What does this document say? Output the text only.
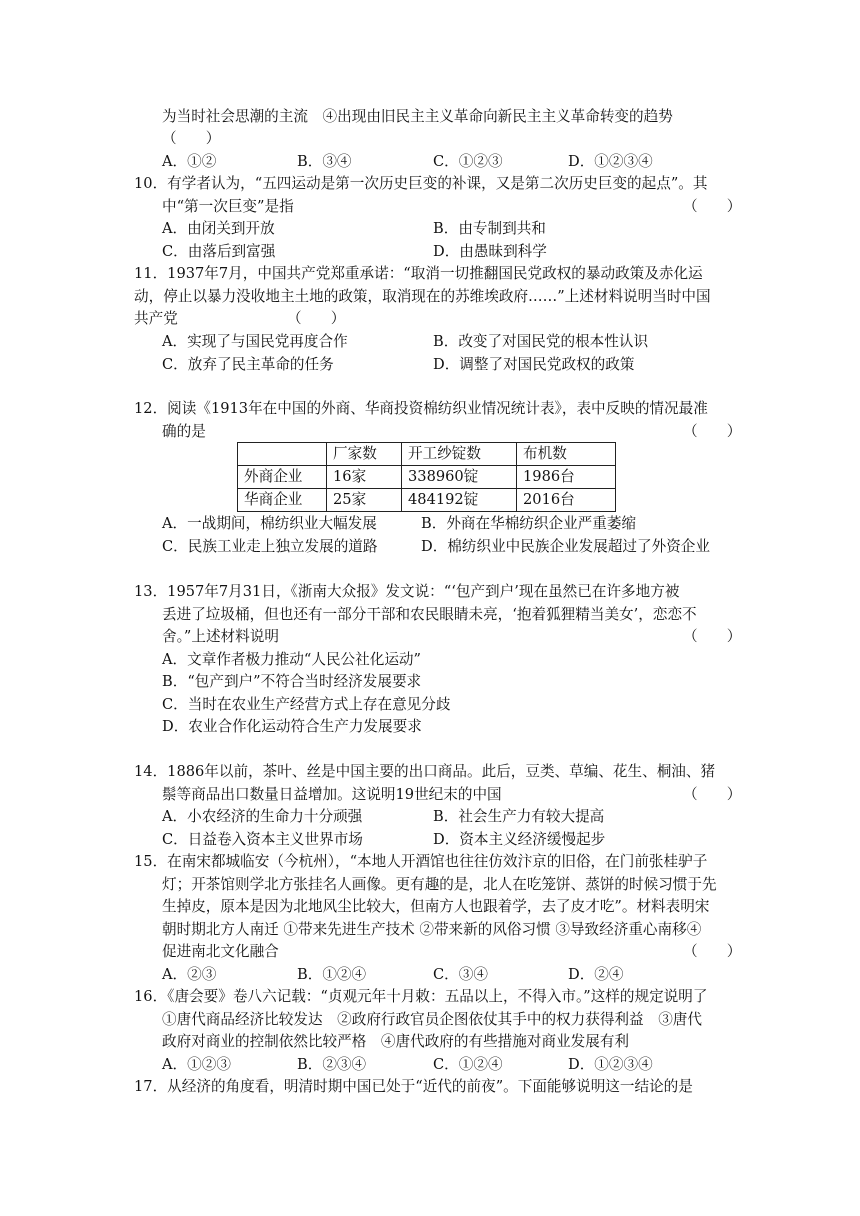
为当时社会思潮的主流　④出现由旧民主主义革命向新民主主义革命转变的趋势
（　　）
A．①②	B．③④	C．①②③	D．①②③④
10．有学者认为，“五四运动是第一次历史巨变的补课，又是第二次历史巨变的起点”。其
中“第一次巨变”是指	（　　）
A．由闭关到开放	B．由专制到共和
C．由落后到富强	D．由愚昧到科学
11．1937年7月，中国共产党郑重承诺：“取消一切推翻国民党政权的暴动政策及赤化运
动，停止以暴力没收地主土地的政策，取消现在的苏维埃政府……”上述材料说明当时中国
共产党	（　　）
A．实现了与国民党再度合作	B．改变了对国民党的根本性认识
C．放弃了民主革命的任务	D．调整了对国民党政权的政策
12．阅读《1913年在中国的外商、华商投资棉纺织业情况统计表》，表中反映的情况最准
确的是	（　　）
	厂家数	开工纱锭数	布机数
外商企业	16家	338960锭	1986台
华商企业	25家	484192锭	2016台
A．一战期间，棉纺织业大幅发展	B．外商在华棉纺织企业严重萎缩
C．民族工业走上独立发展的道路	D．棉纺织业中民族企业发展超过了外资企业
13．1957年7月31日，《浙南大众报》发文说：“‘包产到户’现在虽然已在许多地方被
丢进了垃圾桶，但也还有一部分干部和农民眼睛未亮，‘抱着狐狸精当美女’，恋恋不
舍。”上述材料说明	（　　）
A．文章作者极力推动“人民公社化运动”
B．“包产到户”不符合当时经济发展要求
C．当时在农业生产经营方式上存在意见分歧
D．农业合作化运动符合生产力发展要求
14．1886年以前，茶叶、丝是中国主要的出口商品。此后，豆类、草编、花生、桐油、猪
鬃等商品出口数量日益增加。这说明19世纪末的中国	（　　）
A．小农经济的生命力十分顽强	B．社会生产力有较大提高
C．日益卷入资本主义世界市场	D．资本主义经济缓慢起步
15．在南宋都城临安（今杭州），“本地人开酒馆也往往仿效汴京的旧俗，在门前张桂驴子
灯；开茶馆则学北方张挂名人画像。更有趣的是，北人在吃笼饼、蒸饼的时候习惯于先
生掉皮，原本是因为北地风尘比较大，但南方人也跟着学，去了皮才吃”。材料表明宋
朝时期北方人南迁 ①带来先进生产技术 ②带来新的风俗习惯 ③导致经济重心南移④
促进南北文化融合	（　　）
A．②③	B．①②④	C．③④	D．②④
16．《唐会要》卷八六记载：“贞观元年十月敕：五品以上，不得入市。”这样的规定说明了
①唐代商品经济比较发达　②政府行政官员企图依仗其手中的权力获得利益　③唐代
政府对商业的控制依然比较严格　④唐代政府的有些措施对商业发展有利
A．①②③	B．②③④	C．①②④	D．①②③④
17．从经济的角度看，明清时期中国已处于“近代的前夜”。下面能够说明这一结论的是
